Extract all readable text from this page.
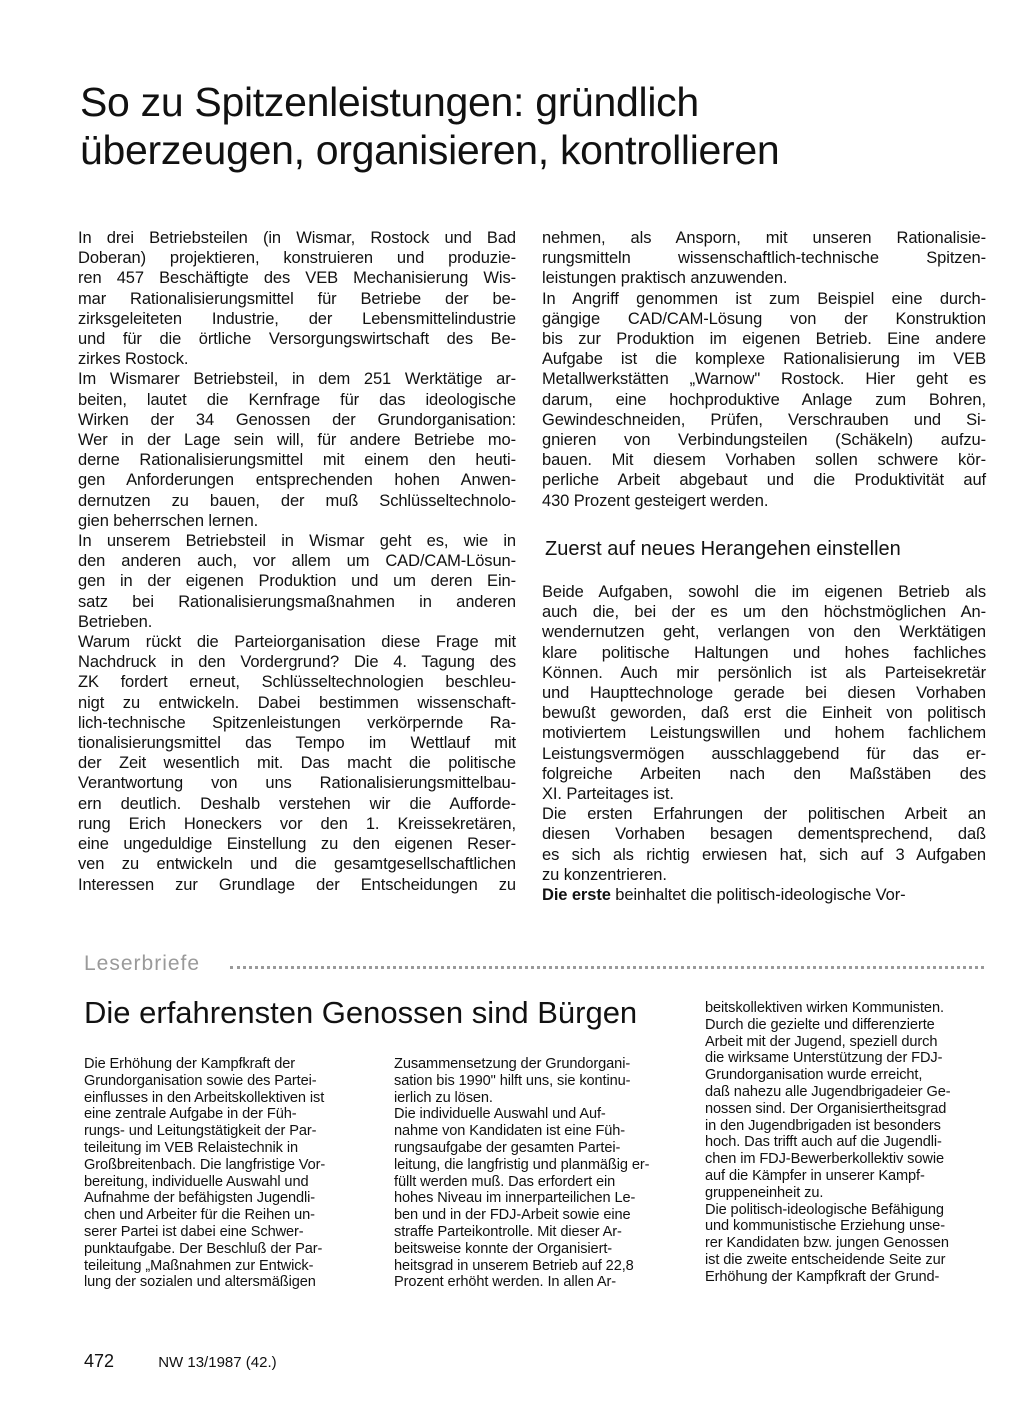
So zu Spitzenleistungen: gründlich
überzeugen, organisieren, kontrollieren
In drei Betriebsteilen (in Wismar, Rostock und Bad
Doberan) projektieren, konstruieren und produzie-
ren 457 Beschäftigte des VEB Mechanisierung Wis-
mar Rationalisierungsmittel für Betriebe der be-
zirksgeleiteten Industrie, der Lebensmittelindustrie
und für die örtliche Versorgungswirtschaft des Be-
zirkes Rostock.
Im Wismarer Betriebsteil, in dem 251 Werktätige ar-
beiten, lautet die Kernfrage für das ideologische
Wirken der 34 Genossen der Grundorganisation:
Wer in der Lage sein will, für andere Betriebe mo-
derne Rationalisierungsmittel mit einem den heuti-
gen Anforderungen entsprechenden hohen Anwen-
dernutzen zu bauen, der muß Schlüsseltechnolo-
gien beherrschen lernen.
In unserem Betriebsteil in Wismar geht es, wie in
den anderen auch, vor allem um CAD/CAM-Lösun-
gen in der eigenen Produktion und um deren Ein-
satz bei Rationalisierungsmaßnahmen in anderen
Betrieben.
Warum rückt die Parteiorganisation diese Frage mit
Nachdruck in den Vordergrund? Die 4. Tagung des
ZK fordert erneut, Schlüsseltechnologien beschleu-
nigt zu entwickeln. Dabei bestimmen wissenschaft-
lich-technische Spitzenleistungen verkörpernde Ra-
tionalisierungsmittel das Tempo im Wettlauf mit
der Zeit wesentlich mit. Das macht die politische
Verantwortung von uns Rationalisierungsmittelbau-
ern deutlich. Deshalb verstehen wir die Aufforde-
rung Erich Honeckers vor den 1. Kreissekretären,
eine ungeduldige Einstellung zu den eigenen Reser-
ven zu entwickeln und die gesamtgesellschaftlichen
Interessen zur Grundlage der Entscheidungen zu
nehmen, als Ansporn, mit unseren Rationalisie-
rungsmitteln wissenschaftlich-technische Spitzen-
leistungen praktisch anzuwenden.
In Angriff genommen ist zum Beispiel eine durch-
gängige CAD/CAM-Lösung von der Konstruktion
bis zur Produktion im eigenen Betrieb. Eine andere
Aufgabe ist die komplexe Rationalisierung im VEB
Metallwerkstätten „Warnow" Rostock. Hier geht es
darum, eine hochproduktive Anlage zum Bohren,
Gewindeschneiden, Prüfen, Verschrauben und Si-
gnieren von Verbindungsteilen (Schäkeln) aufzu-
bauen. Mit diesem Vorhaben sollen schwere kör-
perliche Arbeit abgebaut und die Produktivität auf
430 Prozent gesteigert werden.
Zuerst auf neues Herangehen einstellen
Beide Aufgaben, sowohl die im eigenen Betrieb als
auch die, bei der es um den höchstmöglichen An-
wendernutzen geht, verlangen von den Werktätigen
klare politische Haltungen und hohes fachliches
Können. Auch mir persönlich ist als Parteisekretär
und Haupttechnologe gerade bei diesen Vorhaben
bewußt geworden, daß erst die Einheit von politisch
motiviertem Leistungswillen und hohem fachlichem
Leistungsvermögen ausschlaggebend für das er-
folgreiche Arbeiten nach den Maßstäben des
XI. Parteitages ist.
Die ersten Erfahrungen der politischen Arbeit an
diesen Vorhaben besagen dementsprechend, daß
es sich als richtig erwiesen hat, sich auf 3 Aufgaben
zu konzentrieren.
Die erste beinhaltet die politisch-ideologische Vor-
Leserbriefe
Die erfahrensten Genossen sind Bürgen
Die Erhöhung der Kampfkraft der
Grundorganisation sowie des Partei-
einflusses in den Arbeitskollektiven ist
eine zentrale Aufgabe in der Füh-
rungs- und Leitungstätigkeit der Par-
teileitung im VEB Relaistechnik in
Großbreitenbach. Die langfristige Vor-
bereitung, individuelle Auswahl und
Aufnahme der befähigsten Jugendli-
chen und Arbeiter für die Reihen un-
serer Partei ist dabei eine Schwer-
punktaufgabe. Der Beschluß der Par-
teileitung „Maßnahmen zur Entwick-
lung der sozialen und altersmäßigen
Zusammensetzung der Grundorgani-
sation bis 1990" hilft uns, sie kontinu-
ierlich zu lösen.
Die individuelle Auswahl und Auf-
nahme von Kandidaten ist eine Füh-
rungsaufgabe der gesamten Partei-
leitung, die langfristig und planmäßig er-
füllt werden muß. Das erfordert ein
hohes Niveau im innerparteilichen Le-
ben und in der FDJ-Arbeit sowie eine
straffe Parteikontrolle. Mit dieser Ar-
beitsweise konnte der Organisiert-
heitsgrad in unserem Betrieb auf 22,8
Prozent erhöht werden. In allen Ar-
beitskollektiven wirken Kommunisten.
Durch die gezielte und differenzierte
Arbeit mit der Jugend, speziell durch
die wirksame Unterstützung der FDJ-
Grundorganisation wurde erreicht,
daß nahezu alle Jugendbrigadeier Ge-
nossen sind. Der Organisiertheitsgrad
in den Jugendbrigaden ist besonders
hoch. Das trifft auch auf die Jugendli-
chen im FDJ-Bewerberkollektiv sowie
auf die Kämpfer in unserer Kampf-
gruppeneinheit zu.
Die politisch-ideologische Befähigung
und kommunistische Erziehung unse-
rer Kandidaten bzw. jungen Genossen
ist die zweite entscheidende Seite zur
Erhöhung der Kampfkraft der Grund-
472	NW 13/1987 (42.)
